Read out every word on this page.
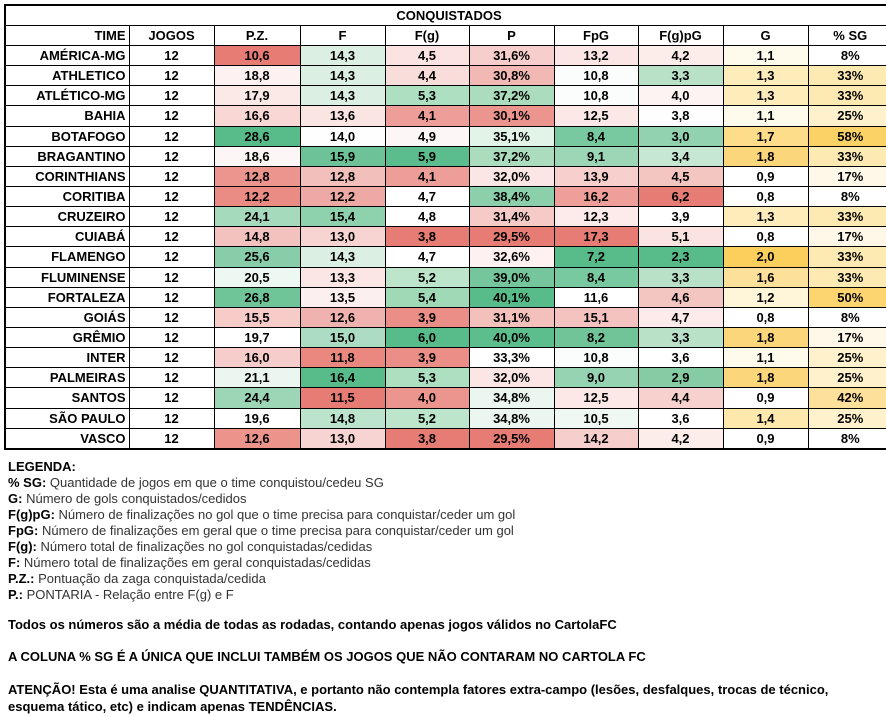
CONQUISTADOS									
TIME	JOGOS	P.Z.	F	F(g)	P	FpG	F(g)pG	G	% SG
AMÉRICA-MG	12	10,6	14,3	4,5	31,6%	13,2	4,2	1,1	8%
ATHLETICO	12	18,8	14,3	4,4	30,8%	10,8	3,3	1,3	33%
ATLÉTICO-MG	12	17,9	14,3	5,3	37,2%	10,8	4,0	1,3	33%
BAHIA	12	16,6	13,6	4,1	30,1%	12,5	3,8	1,1	25%
BOTAFOGO	12	28,6	14,0	4,9	35,1%	8,4	3,0	1,7	58%
BRAGANTINO	12	18,6	15,9	5,9	37,2%	9,1	3,4	1,8	33%
CORINTHIANS	12	12,8	12,8	4,1	32,0%	13,9	4,5	0,9	17%
CORITIBA	12	12,2	12,2	4,7	38,4%	16,2	6,2	0,8	8%
CRUZEIRO	12	24,1	15,4	4,8	31,4%	12,3	3,9	1,3	33%
CUIABÁ	12	14,8	13,0	3,8	29,5%	17,3	5,1	0,8	17%
FLAMENGO	12	25,6	14,3	4,7	32,6%	7,2	2,3	2,0	33%
FLUMINENSE	12	20,5	13,3	5,2	39,0%	8,4	3,3	1,6	33%
FORTALEZA	12	26,8	13,5	5,4	40,1%	11,6	4,6	1,2	50%
GOIÁS	12	15,5	12,6	3,9	31,1%	15,1	4,7	0,8	8%
GRÊMIO	12	19,7	15,0	6,0	40,0%	8,2	3,3	1,8	17%
INTER	12	16,0	11,8	3,9	33,3%	10,8	3,6	1,1	25%
PALMEIRAS	12	21,1	16,4	5,3	32,0%	9,0	2,9	1,8	25%
SANTOS	12	24,4	11,5	4,0	34,8%	12,5	4,4	0,9	42%
SÃO PAULO	12	19,6	14,8	5,2	34,8%	10,5	3,6	1,4	25%
VASCO	12	12,6	13,0	3,8	29,5%	14,2	4,2	0,9	8%
LEGENDA:
% SG: Quantidade de jogos em que o time conquistou/cedeu SG
G: Número de gols conquistados/cedidos
F(g)pG: Número de finalizações no gol que o time precisa para conquistar/ceder um gol
FpG: Número de finalizações em geral que o time precisa para conquistar/ceder um gol
F(g): Número total de finalizações no gol conquistadas/cedidas
F: Número total de finalizações em geral conquistadas/cedidas
P.Z.: Pontuação da zaga conquistada/cedida
P.: PONTARIA - Relação entre F(g) e F

Todos os números são a média de todas as rodadas, contando apenas jogos válidos no CartolaFC

A COLUNA % SG É A ÚNICA QUE INCLUI TAMBÉM OS JOGOS QUE NÃO CONTARAM NO CARTOLA FC

ATENÇÃO! Esta é uma analise QUANTITATIVA, e portanto não contempla fatores extra-campo (lesões, desfalques, trocas de técnico, esquema tático, etc) e indicam apenas TENDÊNCIAS.
